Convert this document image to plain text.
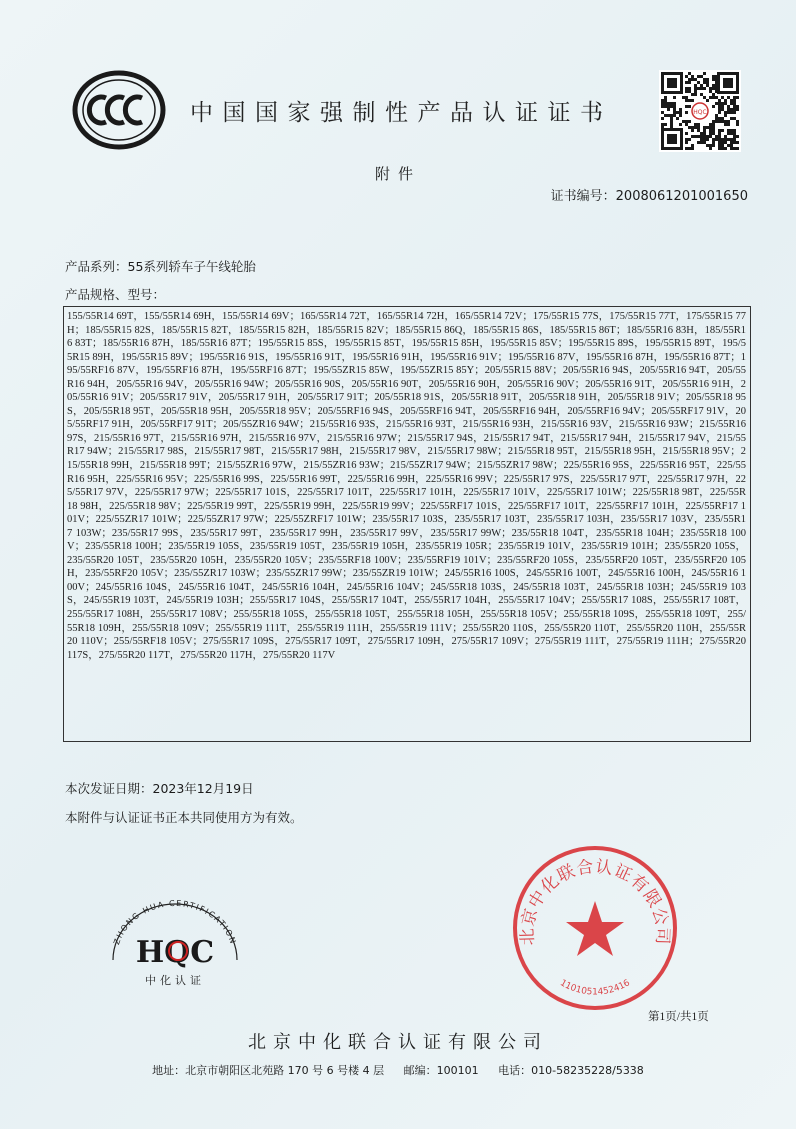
中国国家强制性产品认证证书	HQC
附件
证书编号：2008061201001650
产品系列：55系列轿车子午线轮胎
产品规格、型号：
155/55R14 69T，155/55R14 69H，155/55R14 69V；165/55R14 72T，165/55R14 72H，165/55R14 72V；175/55R15 77S，175/55R15 77T，175/55R15 77H；185/55R15 82S，185/55R15 82T，185/55R15 82H，185/55R15 82V；185/55R15 86Q，185/55R15 86S，185/55R15 86T；185/55R16 83H，185/55R16 83T；185/55R16 87H，185/55R16 87T；195/55R15 85S，195/55R15 85T，195/55R15 85H，195/55R15 85V；195/55R15 89S，195/55R15 89T，195/55R15 89H，195/55R15 89V；195/55R16 91S，195/55R16 91T，195/55R16 91H，195/55R16 91V；195/55R16 87V，195/55R16 87H，195/55R16 87T；195/55RF16 87V，195/55RF16 87H，195/55RF16 87T；195/55ZR15 85W，195/55ZR15 85Y；205/55R15 88V；205/55R16 94S，205/55R16 94T，205/55R16 94H，205/55R16 94V，205/55R16 94W；205/55R16 90S，205/55R16 90T，205/55R16 90H，205/55R16 90V；205/55R16 91T，205/55R16 91H，205/55R16 91V；205/55R17 91V，205/55R17 91H，205/55R17 91T；205/55R18 91S，205/55R18 91T，205/55R18 91H，205/55R18 91V；205/55R18 95S，205/55R18 95T，205/55R18 95H，205/55R18 95V；205/55RF16 94S，205/55RF16 94T，205/55RF16 94H，205/55RF16 94V；205/55RF17 91V，205/55RF17 91H，205/55RF17 91T；205/55ZR16 94W；215/55R16 93S，215/55R16 93T，215/55R16 93H，215/55R16 93V，215/55R16 93W；215/55R16 97S，215/55R16 97T，215/55R16 97H，215/55R16 97V，215/55R16 97W；215/55R17 94S，215/55R17 94T，215/55R17 94H，215/55R17 94V，215/55R17 94W；215/55R17 98S，215/55R17 98T，215/55R17 98H，215/55R17 98V，215/55R17 98W；215/55R18 95T，215/55R18 95H，215/55R18 95V；215/55R18 99H，215/55R18 99T；215/55ZR16 97W，215/55ZR16 93W；215/55ZR17 94W；215/55ZR17 98W；225/55R16 95S，225/55R16 95T，225/55R16 95H，225/55R16 95V；225/55R16 99S，225/55R16 99T，225/55R16 99H，225/55R16 99V；225/55R17 97S，225/55R17 97T，225/55R17 97H，225/55R17 97V，225/55R17 97W；225/55R17 101S，225/55R17 101T，225/55R17 101H，225/55R17 101V，225/55R17 101W；225/55R18 98T，225/55R18 98H，225/55R18 98V；225/55R19 99T，225/55R19 99H，225/55R19 99V；225/55RF17 101S，225/55RF17 101T，225/55RF17 101H，225/55RF17 101V；225/55ZR17 101W；225/55ZR17 97W；225/55ZRF17 101W；235/55R17 103S，235/55R17 103T，235/55R17 103H，235/55R17 103V，235/55R17 103W；235/55R17 99S，235/55R17 99T，235/55R17 99H，235/55R17 99V，235/55R17 99W；235/55R18 104T，235/55R18 104H；235/55R18 100V；235/55R18 100H；235/55R19 105S，235/55R19 105T，235/55R19 105H，235/55R19 105R；235/55R19 101V，235/55R19 101H；235/55R20 105S，235/55R20 105T，235/55R20 105H，235/55R20 105V；235/55RF18 100V；235/55RF19 101V；235/55RF20 105S，235/55RF20 105T，235/55RF20 105H，235/55RF20 105V；235/55ZR17 103W；235/55ZR17 99W；235/55ZR19 101W；245/55R16 100S，245/55R16 100T，245/55R16 100H，245/55R16 100V；245/55R16 104S，245/55R16 104T，245/55R16 104H，245/55R16 104V；245/55R18 103S，245/55R18 103T，245/55R18 103H；245/55R19 103S，245/55R19 103T，245/55R19 103H；255/55R17 104S，255/55R17 104T，255/55R17 104H，255/55R17 104V；255/55R17 108S，255/55R17 108T，255/55R17 108H，255/55R17 108V；255/55R18 105S，255/55R18 105T，255/55R18 105H，255/55R18 105V；255/55R18 109S，255/55R18 109T，255/55R18 109H，255/55R18 109V；255/55R19 111T，255/55R19 111H，255/55R19 111V；255/55R20 110S，255/55R20 110T，255/55R20 110H，255/55R20 110V；255/55RF18 105V；275/55R17 109S，275/55R17 109T，275/55R17 109H，275/55R17 109V；275/55R19 111T，275/55R19 111H；275/55R20 117S，275/55R20 117T，275/55R20 117H，275/55R20 117V
本次发证日期：2023年12月19日
本附件与认证证书正本共同使用方为有效。
ZHONG HUA CERTIFICATION
HQC
中化认证
北京中化联合认证有限公司
1101051452416
第1页/共1页
北京中化联合认证有限公司
地址：北京市朝阳区北苑路 170 号 6 号楼 4 层 邮编：100101 电话：010-58235228/5338
